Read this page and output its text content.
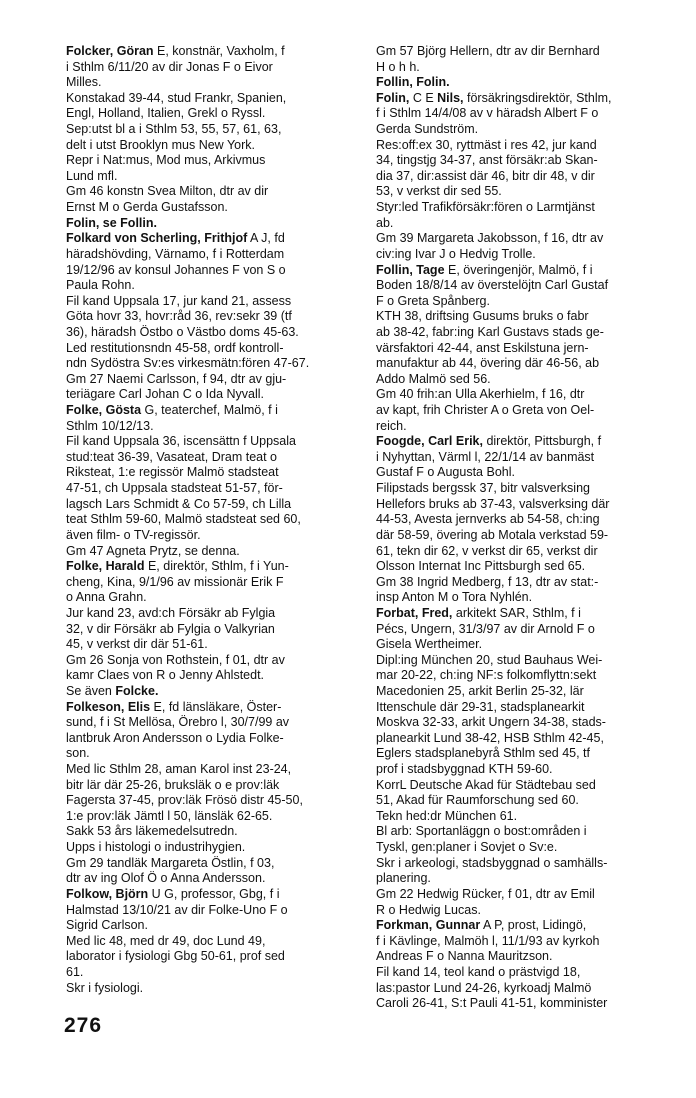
Folcker, Göran E, konstnär, Vaxholm, f
i Sthlm 6/11/20 av dir Jonas F o Eivor
Milles.
Konstakad 39-44, stud Frankr, Spanien,
Engl, Holland, Italien, Grekl o Ryssl.
Sep:utst bl a i Sthlm 53, 55, 57, 61, 63,
delt i utst Brooklyn mus New York.
Repr i Nat:mus, Mod mus, Arkivmus
Lund mfl.
Gm 46 konstn Svea Milton, dtr av dir
Ernst M o Gerda Gustafsson.
Folin, se Follin.
Folkard von Scherling, Frithjof A J, fd
häradshövding, Värnamo, f i Rotterdam
19/12/96 av konsul Johannes F von S o
Paula Rohn.
Fil kand Uppsala 17, jur kand 21, assess
Göta hovr 33, hovr:råd 36, rev:sekr 39 (tf
36), häradsh Östbo o Västbo doms 45-63.
Led restitutionsndn 45-58, ordf kontroll-
ndn Sydöstra Sv:es virkesmätn:fören 47-67.
Gm 27 Naemi Carlsson, f 94, dtr av gju-
teriägare Carl Johan C o Ida Nyvall.
Folke, Gösta G, teaterchef, Malmö, f i
Sthlm 10/12/13.
Fil kand Uppsala 36, iscensättn f Uppsala
stud:teat 36-39, Vasateat, Dram teat o
Riksteat, 1:e regissör Malmö stadsteat
47-51, ch Uppsala stadsteat 51-57, för-
lagsch Lars Schmidt & Co 57-59, ch Lilla
teat Sthlm 59-60, Malmö stadsteat sed 60,
även film- o TV-regissör.
Gm 47 Agneta Prytz, se denna.
Folke, Harald E, direktör, Sthlm, f i Yun-
cheng, Kina, 9/1/96 av missionär Erik F
o Anna Grahn.
Jur kand 23, avd:ch Försäkr ab Fylgia
32, v dir Försäkr ab Fylgia o Valkyrian
45, v verkst dir där 51-61.
Gm 26 Sonja von Rothstein, f 01, dtr av
kamr Claes von R o Jenny Ahlstedt.
Se även Folcke.
Folkeson, Elis E, fd länsläkare, Öster-
sund, f i St Mellösa, Örebro l, 30/7/99 av
lantbruk Aron Andersson o Lydia Folke-
son.
Med lic Sthlm 28, aman Karol inst 23-24,
bitr lär där 25-26, bruksläk o e prov:läk
Fagersta 37-45, prov:läk Frösö distr 45-50,
1:e prov:läk Jämtl l 50, länsläk 62-65.
Sakk 53 års läkemedelsutredn.
Upps i histologi o industrihygien.
Gm 29 tandläk Margareta Östlin, f 03,
dtr av ing Olof Ö o Anna Andersson.
Folkow, Björn U G, professor, Gbg, f i
Halmstad 13/10/21 av dir Folke-Uno F o
Sigrid Carlson.
Med lic 48, med dr 49, doc Lund 49,
laborator i fysiologi Gbg 50-61, prof sed
61.
Skr i fysiologi.
Gm 57 Björg Hellern, dtr av dir Bernhard
H o h h.
Follin, Folin.
Folin, C E Nils, försäkringsdirektör, Sthlm,
f i Sthlm 14/4/08 av v häradsh Albert F o
Gerda Sundström.
Res:off:ex 30, ryttmäst i res 42, jur kand
34, tingstjg 34-37, anst försäkr:ab Skan-
dia 37, dir:assist där 46, bitr dir 48, v dir
53, v verkst dir sed 55.
Styr:led Trafikförsäkr:fören o Larmtjänst
ab.
Gm 39 Margareta Jakobsson, f 16, dtr av
civ:ing Ivar J o Hedvig Trolle.
Follin, Tage E, överingenjör, Malmö, f i
Boden 18/8/14 av överstelöjtn Carl Gustaf
F o Greta Spånberg.
KTH 38, driftsing Gusums bruks o fabr
ab 38-42, fabr:ing Karl Gustavs stads ge-
värsfaktori 42-44, anst Eskilstuna jern-
manufaktur ab 44, övering där 46-56, ab
Addo Malmö sed 56.
Gm 40 frih:an Ulla Akerhielm, f 16, dtr
av kapt, frih Christer A o Greta von Oel-
reich.
Foogde, Carl Erik, direktör, Pittsburgh, f
i Nyhyttan, Värml l, 22/1/14 av banmäst
Gustaf F o Augusta Bohl.
Filipstads bergssk 37, bitr valsverksing
Hellefors bruks ab 37-43, valsverksing där
44-53, Avesta jernverks ab 54-58, ch:ing
där 58-59, övering ab Motala verkstad 59-
61, tekn dir 62, v verkst dir 65, verkst dir
Olsson Internat Inc Pittsburgh sed 65.
Gm 38 Ingrid Medberg, f 13, dtr av stat:-
insp Anton M o Tora Nyhlén.
Forbat, Fred, arkitekt SAR, Sthlm, f i
Pécs, Ungern, 31/3/97 av dir Arnold F o
Gisela Wertheimer.
Dipl:ing München 20, stud Bauhaus Wei-
mar 20-22, ch:ing NF:s folkomflyttn:sekt
Macedonien 25, arkit Berlin 25-32, lär
Ittenschule där 29-31, stadsplanearkit
Moskva 32-33, arkit Ungern 34-38, stads-
planearkit Lund 38-42, HSB Sthlm 42-45,
Eglers stadsplanebyrå Sthlm sed 45, tf
prof i stadsbyggnad KTH 59-60.
KorrL Deutsche Akad für Städtebau sed
51, Akad für Raumforschung sed 60.
Tekn hed:dr München 61.
Bl arb: Sportanläggn o bost:områden i
Tyskl, gen:planer i Sovjet o Sv:e.
Skr i arkeologi, stadsbyggnad o samhälls-
planering.
Gm 22 Hedwig Rücker, f 01, dtr av Emil
R o Hedwig Lucas.
Forkman, Gunnar A P, prost, Lidingö,
f i Kävlinge, Malmöh l, 11/1/93 av kyrkoh
Andreas F o Nanna Mauritzson.
Fil kand 14, teol kand o prästvigd 18,
las:pastor Lund 24-26, kyrkoadj Malmö
Caroli 26-41, S:t Pauli 41-51, komminister
276
